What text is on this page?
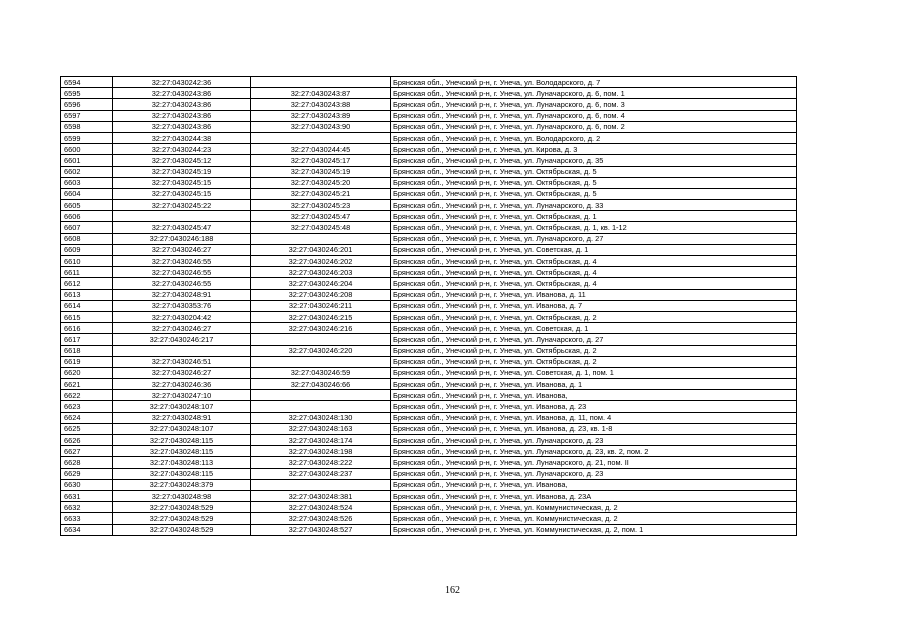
6594	32:27:0430242:36		Брянская обл., Унечский р-н, г. Унеча, ул. Володарского, д. 7
6595	32:27:0430243:86	32:27:0430243:87	Брянская обл., Унечский р-н, г. Унеча, ул. Луначарского, д. 6, пом. 1
6596	32:27:0430243:86	32:27:0430243:88	Брянская обл., Унечский р-н, г. Унеча, ул. Луначарского, д. 6, пом. 3
6597	32:27:0430243:86	32:27:0430243:89	Брянская обл., Унечский р-н, г. Унеча, ул. Луначарского, д. 6, пом. 4
6598	32:27:0430243:86	32:27:0430243:90	Брянская обл., Унечский р-н, г. Унеча, ул. Луначарского, д. 6, пом. 2
6599	32:27:0430244:38		Брянская обл., Унечский р-н, г. Унеча, ул. Володарского, д. 2
6600	32:27:0430244:23	32:27:0430244:45	Брянская обл., Унечский р-н, г. Унеча, ул. Кирова, д. 3
6601	32:27:0430245:12	32:27:0430245:17	Брянская обл., Унечский р-н, г. Унеча, ул. Луначарского, д. 35
6602	32:27:0430245:19	32:27:0430245:19	Брянская обл., Унечский р-н, г. Унеча, ул. Октябрьская, д. 5
6603	32:27:0430245:15	32:27:0430245:20	Брянская обл., Унечский р-н, г. Унеча, ул. Октябрьская, д. 5
6604	32:27:0430245:15	32:27:0430245:21	Брянская обл., Унечский р-н, г. Унеча, ул. Октябрьская, д. 5
6605	32:27:0430245:22	32:27:0430245:23	Брянская обл., Унечский р-н, г. Унеча, ул. Луначарского, д. 33
6606		32:27:0430245:47	Брянская обл., Унечский р-н, г. Унеча, ул. Октябрьская, д. 1
6607	32:27:0430245:47	32:27:0430245:48	Брянская обл., Унечский р-н, г. Унеча, ул. Октябрьская, д. 1, кв. 1-12
6608	32:27:0430246:188		Брянская обл., Унечский р-н, г. Унеча, ул. Луначарского, д. 27
6609	32:27:0430246:27	32:27:0430246:201	Брянская обл., Унечский р-н, г. Унеча, ул. Советская, д. 1
6610	32:27:0430246:55	32:27:0430246:202	Брянская обл., Унечский р-н, г. Унеча, ул. Октябрьская, д. 4
6611	32:27:0430246:55	32:27:0430246:203	Брянская обл., Унечский р-н, г. Унеча, ул. Октябрьская, д. 4
6612	32:27:0430246:55	32:27:0430246:204	Брянская обл., Унечский р-н, г. Унеча, ул. Октябрьская, д. 4
6613	32:27:0430248:91	32:27:0430246:208	Брянская обл., Унечский р-н, г. Унеча, ул. Иванова, д. 11
6614	32:27:0430353:76	32:27:0430246:211	Брянская обл., Унечский р-н, г. Унеча, ул. Иванова, д. 7
6615	32:27:0430204:42	32:27:0430246:215	Брянская обл., Унечский р-н, г. Унеча, ул. Октябрьская, д. 2
6616	32:27:0430246:27	32:27:0430246:216	Брянская обл., Унечский р-н, г. Унеча, ул. Советская, д. 1
6617	32:27:0430246:217		Брянская обл., Унечский р-н, г. Унеча, ул. Луначарского, д. 27
6618		32:27:0430246:220	Брянская обл., Унечский р-н, г. Унеча, ул. Октябрьская, д. 2
6619	32:27:0430246:51		Брянская обл., Унечский р-н, г. Унеча, ул. Октябрьская, д. 2
6620	32:27:0430246:27	32:27:0430246:59	Брянская обл., Унечский р-н, г. Унеча, ул. Советская, д. 1, пом. 1
6621	32:27:0430246:36	32:27:0430246:66	Брянская обл., Унечский р-н, г. Унеча, ул. Иванова, д. 1
6622	32:27:0430247:10		Брянская обл., Унечский р-н, г. Унеча, ул. Иванова,
6623	32:27:0430248:107		Брянская обл., Унечский р-н, г. Унеча, ул. Иванова, д. 23
6624	32:27:0430248:91	32:27:0430248:130	Брянская обл., Унечский р-н, г. Унеча, ул. Иванова, д. 11, пом. 4
6625	32:27:0430248:107	32:27:0430248:163	Брянская обл., Унечский р-н, г. Унеча, ул. Иванова, д. 23, кв. 1-8
6626	32:27:0430248:115	32:27:0430248:174	Брянская обл., Унечский р-н, г. Унеча, ул. Луначарского, д. 23
6627	32:27:0430248:115	32:27:0430248:198	Брянская обл., Унечский р-н, г. Унеча, ул. Луначарского, д. 23, кв. 2, пом. 2
6628	32:27:0430248:113	32:27:0430248:222	Брянская обл., Унечский р-н, г. Унеча, ул. Луначарского, д. 21, пом. II
6629	32:27:0430248:115	32:27:0430248:237	Брянская обл., Унечский р-н, г. Унеча, ул. Луначарского, д. 23
6630	32:27:0430248:379		Брянская обл., Унечский р-н, г. Унеча, ул. Иванова,
6631	32:27:0430248:98	32:27:0430248:381	Брянская обл., Унечский р-н, г. Унеча, ул. Иванова, д. 23А
6632	32:27:0430248:529	32:27:0430248:524	Брянская обл., Унечский р-н, г. Унеча, ул. Коммунистическая, д. 2
6633	32:27:0430248:529	32:27:0430248:526	Брянская обл., Унечский р-н, г. Унеча, ул. Коммунистическая, д. 2
6634	32:27:0430248:529	32:27:0430248:527	Брянская обл., Унечский р-н, г. Унеча, ул. Коммунистическая, д. 2, пом. 1
162
